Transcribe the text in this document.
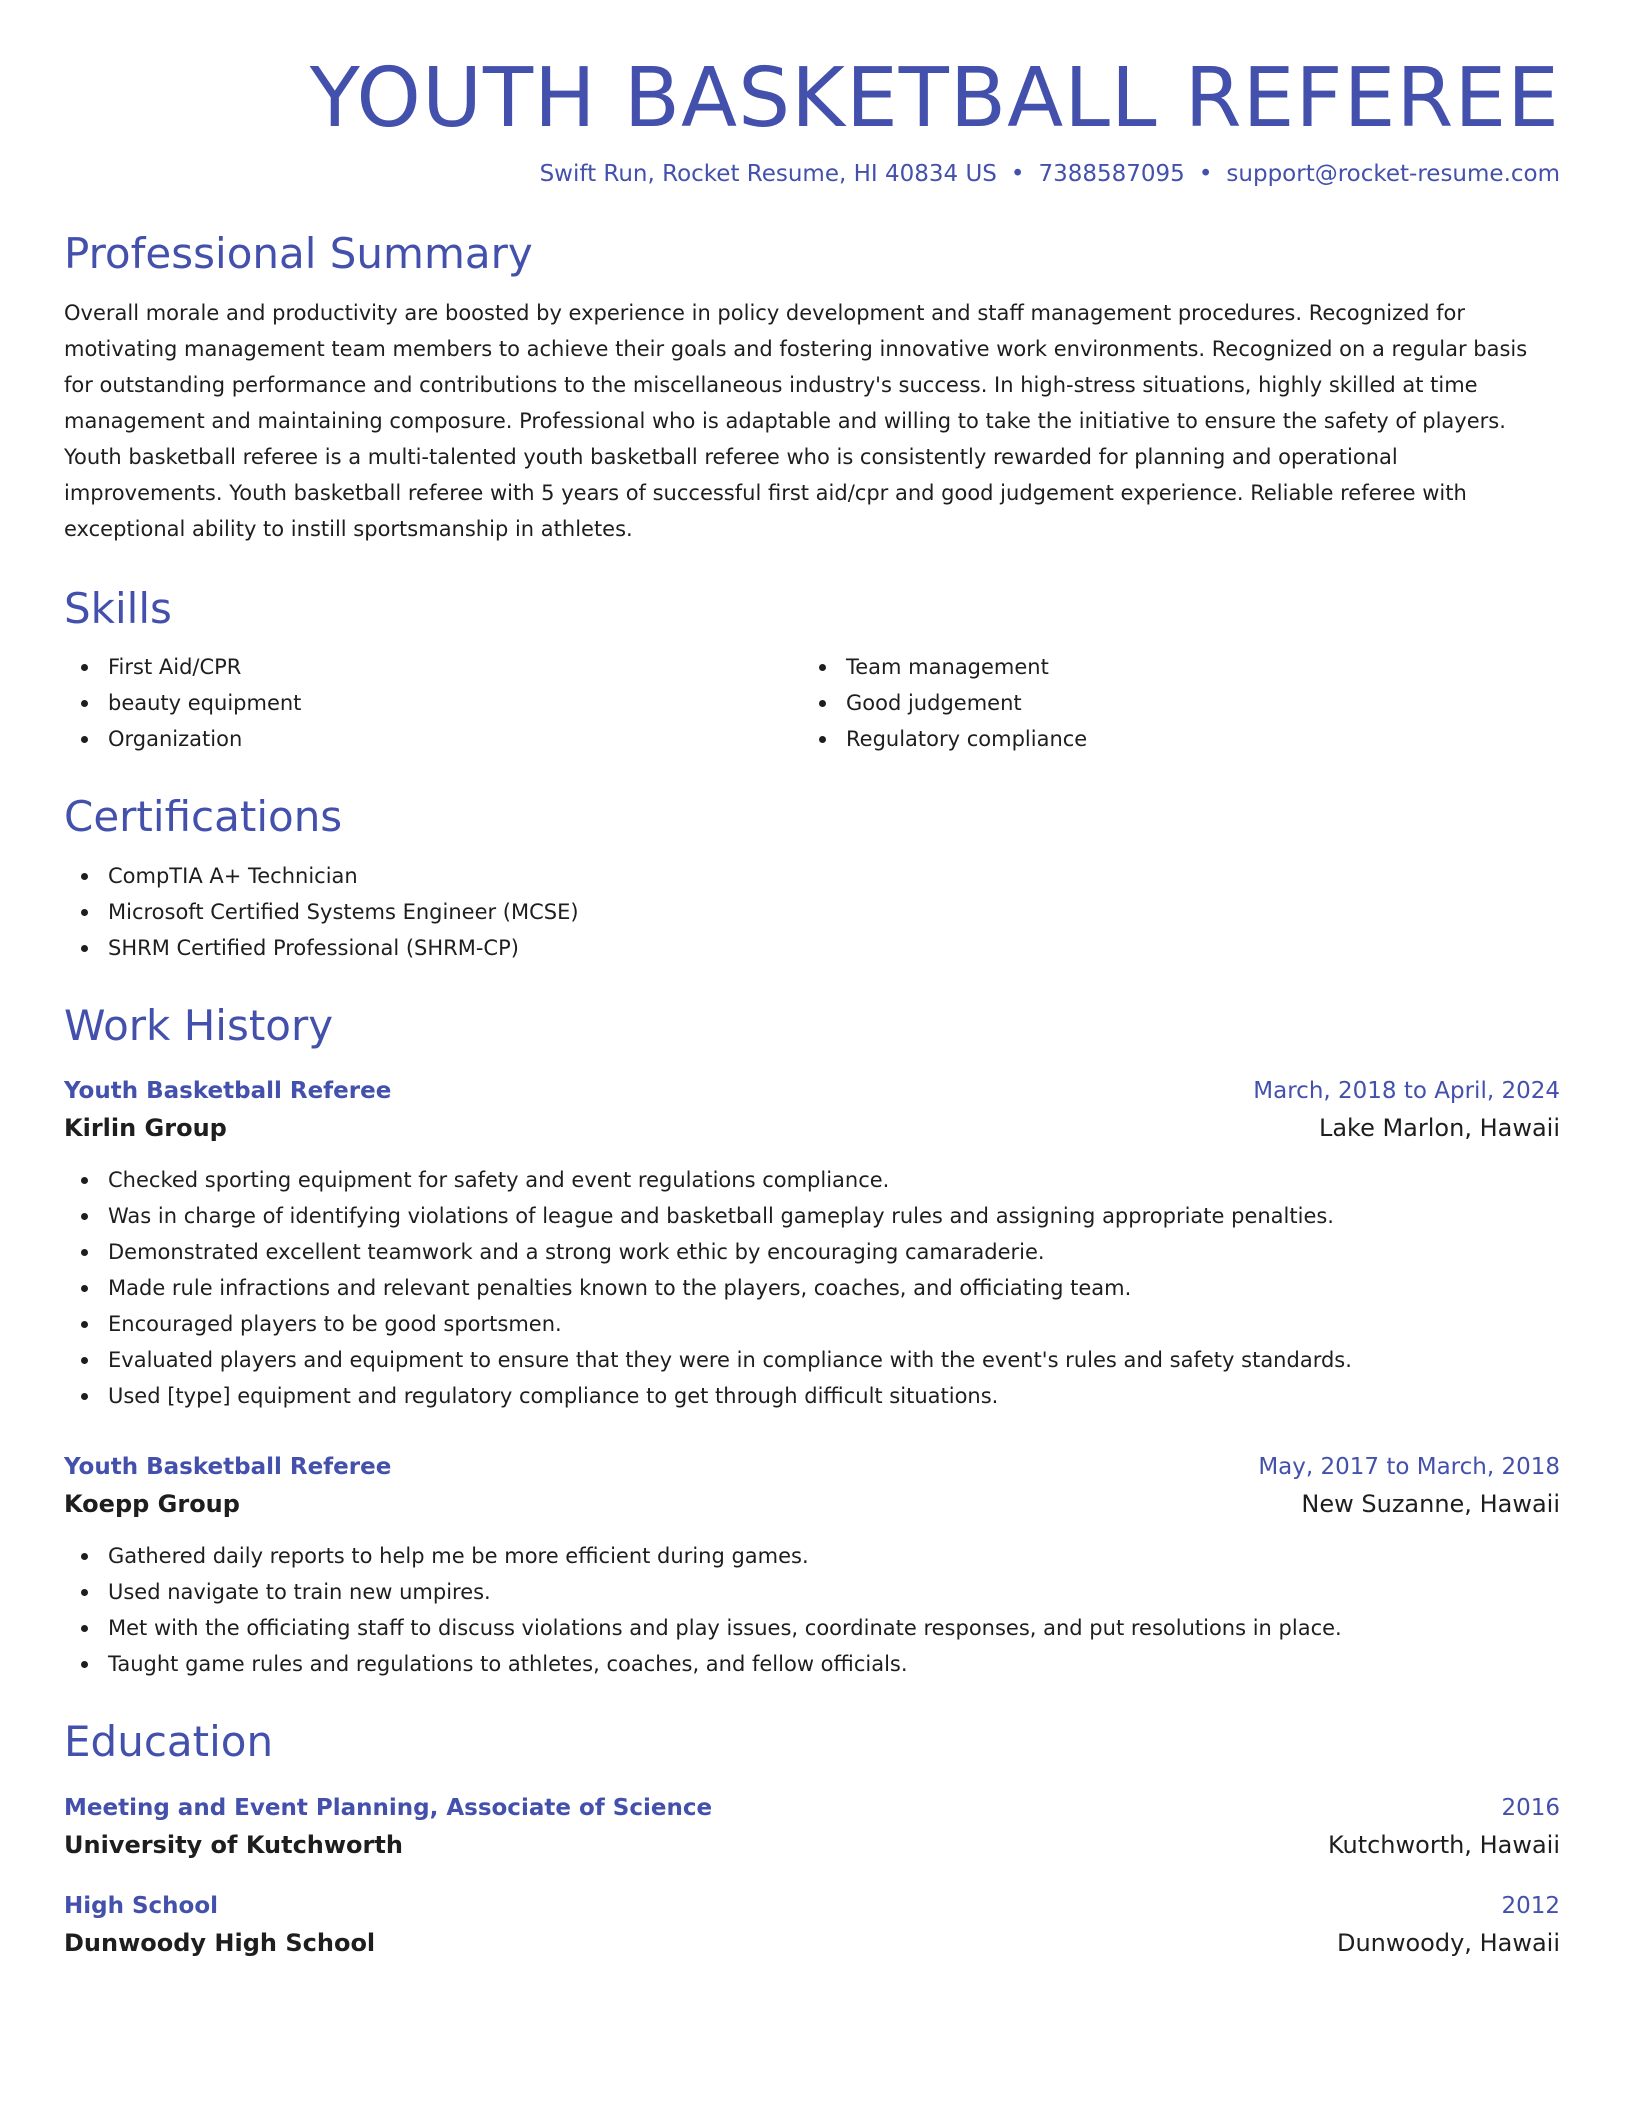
YOUTH BASKETBALL REFEREE
Swift Run, Rocket Resume, HI 40834 US • 7388587095 • support@rocket-resume.com
Professional Summary
Overall morale and productivity are boosted by experience in policy development and staff management procedures. Recognized for motivating management team members to achieve their goals and fostering innovative work environments. Recognized on a regular basis for outstanding performance and contributions to the miscellaneous industry's success. In high-stress situations, highly skilled at time management and maintaining composure. Professional who is adaptable and willing to take the initiative to ensure the safety of players. Youth basketball referee is a multi-talented youth basketball referee who is consistently rewarded for planning and operational improvements. Youth basketball referee with 5 years of successful first aid/cpr and good judgement experience. Reliable referee with exceptional ability to instill sportsmanship in athletes.
Skills
First Aid/CPR
beauty equipment
Organization
Team management
Good judgement
Regulatory compliance
Certifications
CompTIA A+ Technician
Microsoft Certified Systems Engineer (MCSE)
SHRM Certified Professional (SHRM-CP)
Work History
Youth Basketball Referee	March, 2018 to April, 2024
Kirlin Group	Lake Marlon, Hawaii
Checked sporting equipment for safety and event regulations compliance.
Was in charge of identifying violations of league and basketball gameplay rules and assigning appropriate penalties.
Demonstrated excellent teamwork and a strong work ethic by encouraging camaraderie.
Made rule infractions and relevant penalties known to the players, coaches, and officiating team.
Encouraged players to be good sportsmen.
Evaluated players and equipment to ensure that they were in compliance with the event's rules and safety standards.
Used [type] equipment and regulatory compliance to get through difficult situations.
Youth Basketball Referee	May, 2017 to March, 2018
Koepp Group	New Suzanne, Hawaii
Gathered daily reports to help me be more efficient during games.
Used navigate to train new umpires.
Met with the officiating staff to discuss violations and play issues, coordinate responses, and put resolutions in place.
Taught game rules and regulations to athletes, coaches, and fellow officials.
Education
Meeting and Event Planning, Associate of Science	2016
University of Kutchworth	Kutchworth, Hawaii
High School	2012
Dunwoody High School	Dunwoody, Hawaii
